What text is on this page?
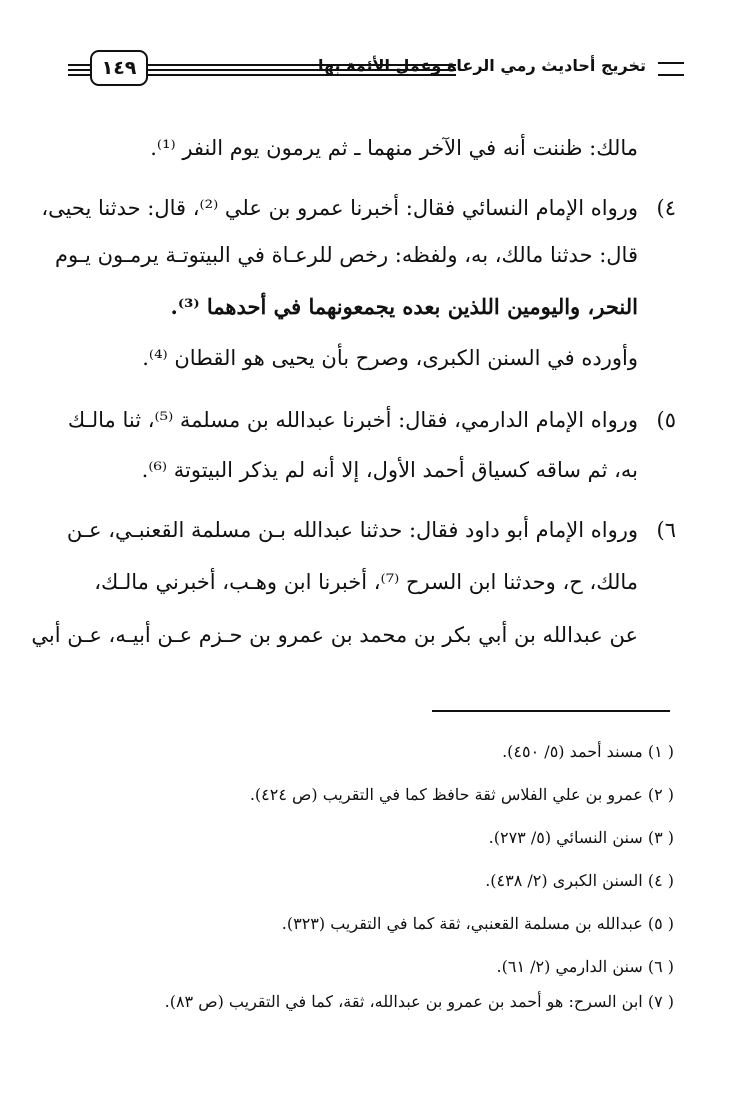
تخريج أحاديث رمي الرعاة وعمل الأئمة بها
١٤٩
مالك: ظننت أنه في الآخر منهما ـ ثم يرمون يوم النفر ⁽¹⁾.
٤)
ورواه الإمام النسائي فقال: أخبرنا عمرو بن علي ⁽²⁾، قال: حدثنا يحيى،
قال: حدثنا مالك، به، ولفظه: رخص للرعـاة في البيتوتـة يرمـون يـوم
النحر، واليومين اللذين بعده يجمعونهما في أحدهما ⁽³⁾.
وأورده في السنن الكبرى، وصرح بأن يحيى هو القطان ⁽⁴⁾.
٥)
ورواه الإمام الدارمي، فقال: أخبرنا عبدالله بن مسلمة ⁽⁵⁾، ثنا مالـك
به، ثم ساقه كسياق أحمد الأول، إلا أنه لم يذكر البيتوتة ⁽⁶⁾.
٦)
ورواه الإمام أبو داود فقال: حدثنا عبدالله بـن مسلمة القعنبـي، عـن
مالك، ح، وحدثنا ابن السرح ⁽⁷⁾، أخبرنا ابن وهـب، أخبرني مالـك،
عن عبدالله بن أبي بكر بن محمد بن عمرو بن حـزم عـن أبيـه، عـن أبي
( ١) مسند أحمد (٥/ ٤٥٠).
( ٢) عمرو بن علي الفلاس ثقة حافظ كما في التقريب (ص ٤٢٤).
( ٣) سنن النسائي (٥/ ٢٧٣).
( ٤) السنن الكبرى (٢/ ٤٣٨).
( ٥) عبدالله بن مسلمة القعنبي، ثقة كما في التقريب (٣٢٣).
( ٦) سنن الدارمي (٢/ ٦١).
( ٧) ابن السرح: هو أحمد بن عمرو بن عبدالله، ثقة، كما في التقريب (ص ٨٣).
